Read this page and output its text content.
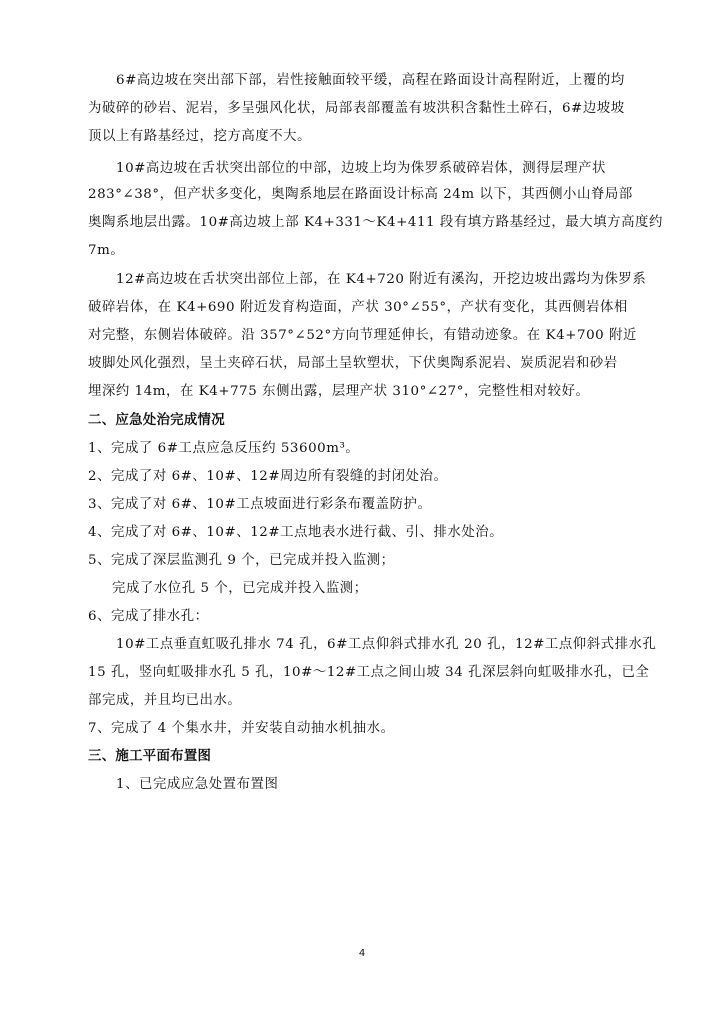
6#高边坡在突出部下部，岩性接触面较平缓，高程在路面设计高程附近，上覆的均
为破碎的砂岩、泥岩，多呈强风化状，局部表部覆盖有坡洪积含黏性土碎石，6#边坡坡
顶以上有路基经过，挖方高度不大。
10#高边坡在舌状突出部位的中部，边坡上均为侏罗系破碎岩体，测得层理产状
283°∠38°，但产状多变化，奥陶系地层在路面设计标高 24m 以下，其西侧小山脊局部
奥陶系地层出露。10#高边坡上部 K4+331～K4+411 段有填方路基经过，最大填方高度约
7m。
12#高边坡在舌状突出部位上部，在 K4+720 附近有溪沟，开挖边坡出露均为侏罗系
破碎岩体，在 K4+690 附近发育构造面，产状 30°∠55°，产状有变化，其西侧岩体相
对完整，东侧岩体破碎。沿 357°∠52°方向节理延伸长，有错动迹象。在 K4+700 附近
坡脚处风化强烈，呈土夹碎石状，局部土呈软塑状，下伏奥陶系泥岩、炭质泥岩和砂岩
埋深约 14m，在 K4+775 东侧出露，层理产状 310°∠27°，完整性相对较好。
二、应急处治完成情况
1、完成了 6#工点应急反压约 53600m³。
2、完成了对 6#、10#、12#周边所有裂缝的封闭处治。
3、完成了对 6#、10#工点坡面进行彩条布覆盖防护。
4、完成了对 6#、10#、12#工点地表水进行截、引、排水处治。
5、完成了深层监测孔 9 个，已完成并投入监测；
完成了水位孔 5 个，已完成并投入监测；
6、完成了排水孔：
10#工点垂直虹吸孔排水 74 孔，6#工点仰斜式排水孔 20 孔，12#工点仰斜式排水孔
15 孔，竖向虹吸排水孔 5 孔，10#～12#工点之间山坡 34 孔深层斜向虹吸排水孔，已全
部完成，并且均已出水。
7、完成了 4 个集水井，并安装自动抽水机抽水。
三、施工平面布置图
1、已完成应急处置布置图
4
